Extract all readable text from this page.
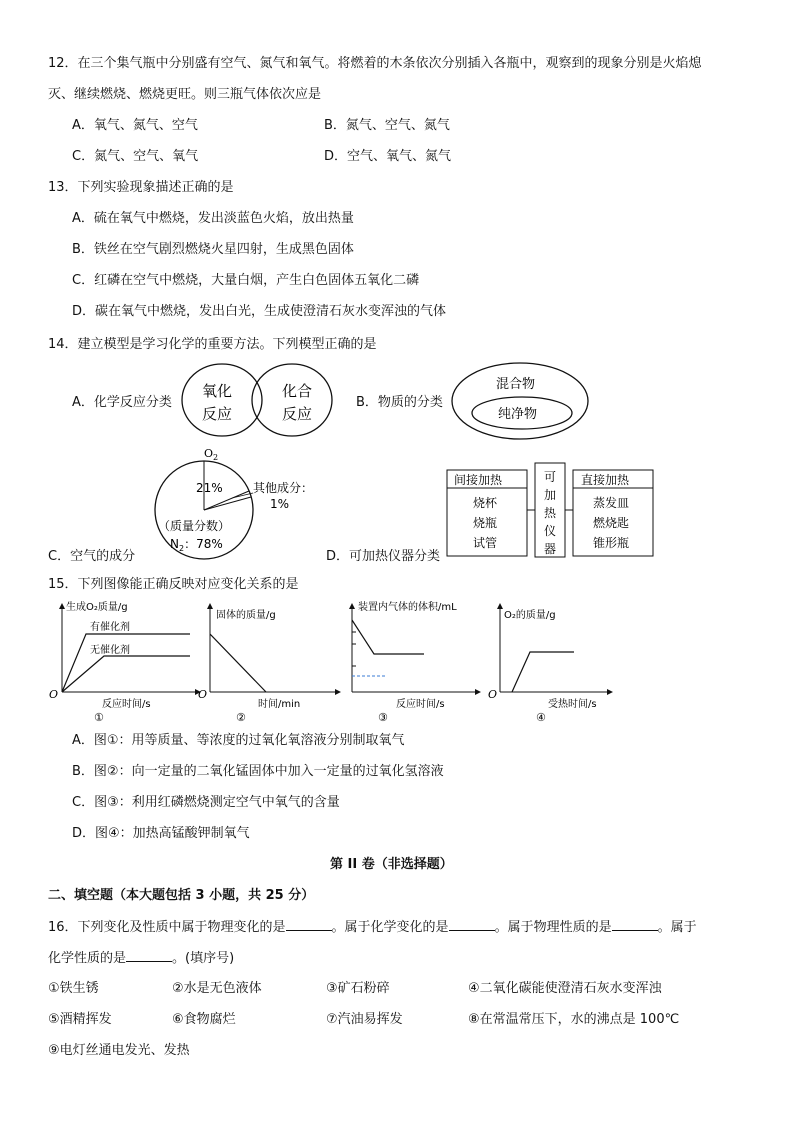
12．在三个集气瓶中分别盛有空气、氮气和氧气。将燃着的木条依次分别插入各瓶中，观察到的现象分别是火焰熄
灭、继续燃烧、燃烧更旺。则三瓶气体依次应是
A．氧气、氮气、空气	B．氮气、空气、氮气
C．氮气、空气、氧气	D．空气、氧气、氮气
13．下列实验现象描述正确的是
A．硫在氧气中燃烧，发出淡蓝色火焰，放出热量
B．铁丝在空气剧烈燃烧火星四射，生成黑色固体
C．红磷在空气中燃烧，大量白烟，产生白色固体五氧化二磷
D．碳在氧气中燃烧，发出白光，生成使澄清石灰水变浑浊的气体
14．建立模型是学习化学的重要方法。下列模型正确的是
A．化学反应分类
氧化
反应
化合
反应
B．物质的分类
混合物
纯净物
$O_2$
21%	其他成分：
1%
（质量分数）
$N_2$：78%
C．空气的成分
间接加热
烧杯
烧瓶
试管
可
加
热
仪
器
直接加热
蒸发皿
燃烧匙
锥形瓶
D．可加热仪器分类
15．下列图像能正确反映对应变化关系的是
生成O₂质量/g
有催化剂
无催化剂
O
反应时间/s
①
固体的质量/g
O
时间/min
②
装置内气体的体积/mL
反应时间/s
③
O₂的质量/g
O
受热时间/s
④
A．图①：用等质量、等浓度的过氧化氧溶液分别制取氧气
B．图②：向一定量的二氧化锰固体中加入一定量的过氧化氢溶液
C．图③：利用红磷燃烧测定空气中氧气的含量
D．图④：加热高锰酸钾制氧气
第 II 卷（非选择题）
二、填空题（本大题包括 3 小题，共 25 分）
16．下列变化及性质中属于物理变化的是	。属于化学变化的是	。属于物理性质的是	。属于
化学性质的是	。(填序号)
①铁生锈	②水是无色液体	③矿石粉碎	④二氧化碳能使澄清石灰水变浑浊
⑤酒精挥发	⑥食物腐烂	⑦汽油易挥发	⑧在常温常压下，水的沸点是 100℃
⑨电灯丝通电发光、发热
